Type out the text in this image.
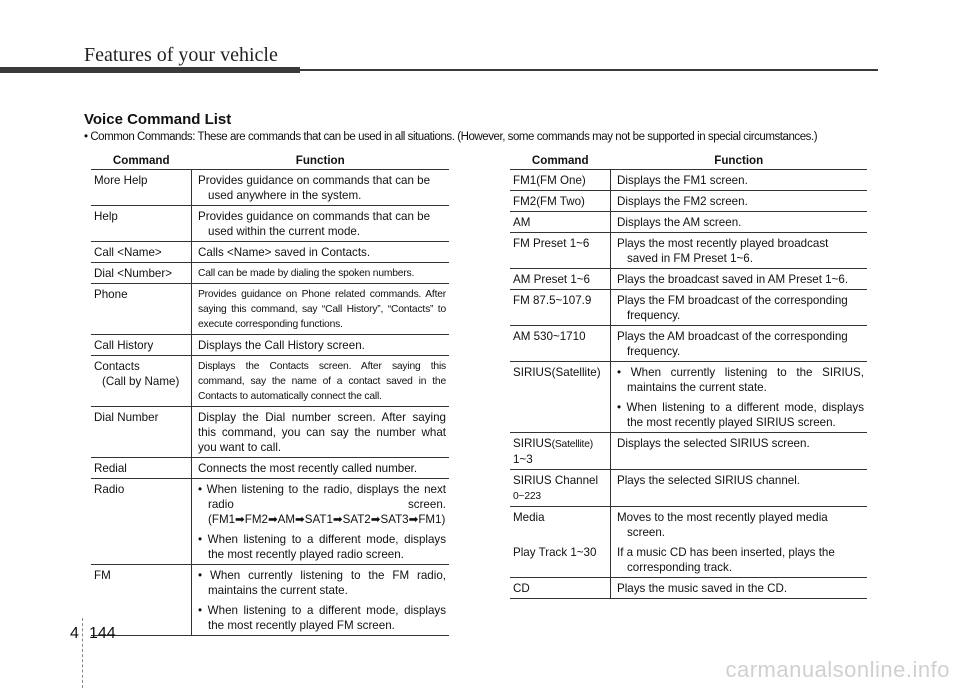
Features of your vehicle
Voice Command List
• Common Commands: These are commands that can be used in all situations. (However, some commands may not be supported in special circumstances.)
Command	Function
More Help	Provides guidance on commands that can be
used anywhere in the system.

Help	Provides guidance on commands that can be
used within the current mode.

Call <Name>	Calls <Name> saved in Contacts.
Dial <Number>	Call can be made by dialing the spoken numbers.
Phone	Provides guidance on Phone related commands. After saying this command, say “Call History”, “Contacts” to execute corresponding functions.
Call History	Displays the Call History screen.
Contacts
(Call by Name)	Displays the Contacts screen. After saying this command, say the name of a contact saved in the Contacts to automatically connect the call.
Dial Number	Display the Dial number screen. After saying this command, you can say the number what you want to call.
Redial	Connects the most recently called number.
Radio	• When listening to the radio, displays the next radio screen. (FM1➡FM2➡AM➡SAT1➡SAT2➡SAT3➡FM1)
• When listening to a different mode, displays the most recently played radio screen.

FM	• When currently listening to the FM radio, maintains the current state.
• When listening to a different mode, displays the most recently played FM screen.
Command	Function
FM1(FM One)	Displays the FM1 screen.
FM2(FM Two)	Displays the FM2 screen.
AM	Displays the AM screen.
FM Preset 1~6	Plays the most recently played broadcast
saved in FM Preset 1~6.

AM Preset 1~6	Plays the broadcast saved in AM Preset 1~6.
FM 87.5~107.9	Plays the FM broadcast of the corresponding
frequency.

AM 530~1710	Plays the AM broadcast of the corresponding
frequency.

SIRIUS(Satellite)	• When currently listening to the SIRIUS, maintains the current state.
• When listening to a different mode, displays the most recently played SIRIUS screen.

SIRIUS(Satellite)
1~3	Displays the selected SIRIUS screen.
SIRIUS Channel
0~223	Plays the selected SIRIUS channel.
Media	Moves to the most recently played media
screen.

Play Track 1~30	If a music CD has been inserted, plays the
corresponding track.

CD	Plays the music saved in the CD.
4 144
carmanualsonline.info
